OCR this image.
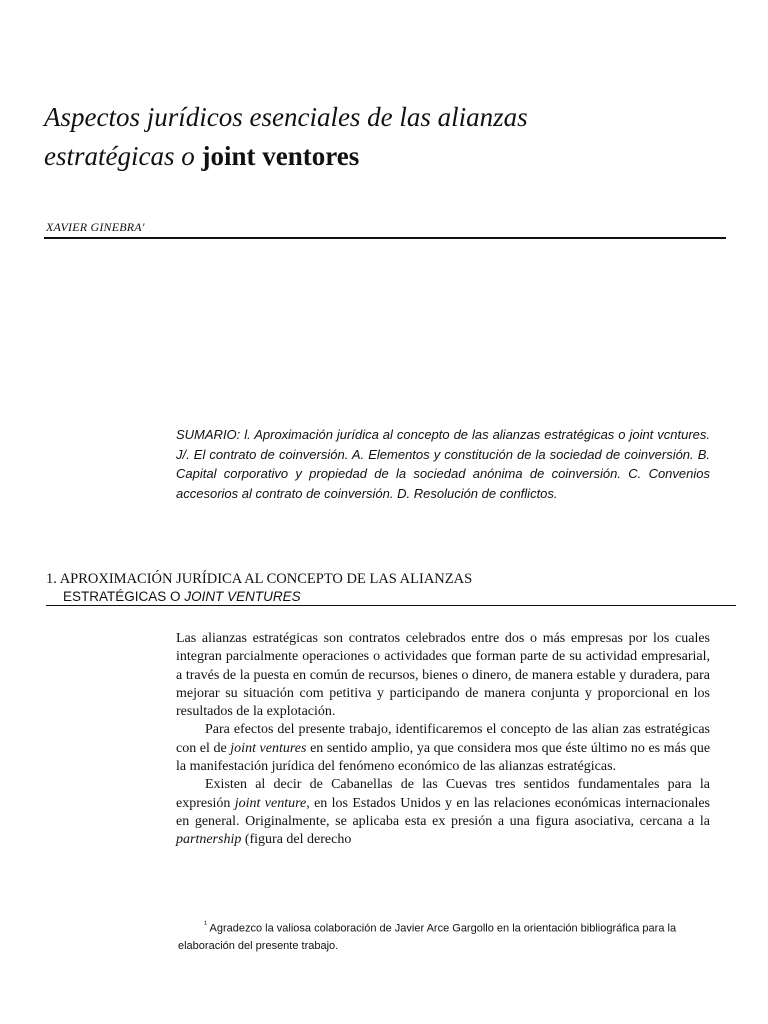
Aspectos jurídicos esenciales de las alianzas
estratégicas o joint ventores
XAVIER GINEBRA'
SUMARIO: l. Aproximación jurídica al concepto de las alianzas estratégicas o joint vcntures. J/. El contrato de coinversión. A. Elementos y constitución de la sociedad de coinversión. B. Capital corporativo y propiedad de la sociedad anónima de coinversión. C. Convenios accesorios al contrato de coinversión. D. Resolución de conflictos.
1. APROXIMACIÓN JURÍDICA AL CONCEPTO DE LAS ALIANZAS
ESTRATÉGICAS O JOINT VENTURES

Las alianzas estratégicas son contratos celebrados entre dos o más empresas por los cuales integran parcialmente operaciones o actividades que forman parte de su actividad empresarial, a través de la puesta en común de recursos, bienes o dinero, de manera estable y duradera, para mejorar su situación com petitiva y participando de manera conjunta y proporcional en los resultados de la explotación.

Para efectos del presente trabajo, identificaremos el concepto de las alian zas estratégicas con el de joint ventures en sentido amplio, ya que considera mos que éste último no es más que la manifestación jurídica del fenómeno económico de las alianzas estratégicas.

Existen al decir de Cabanellas de las Cuevas tres sentidos fundamentales para la expresión joint venture, en los Estados Unidos y en las relaciones económicas internacionales en general. Originalmente, se aplicaba esta ex presión a una figura asociativa, cercana a la partnership (figura del derecho

$^{^1}$ Agradezco la valiosa colaboración de Javier Arce Gargollo en la orientación bibliográfica para la elaboración del presente trabajo.
